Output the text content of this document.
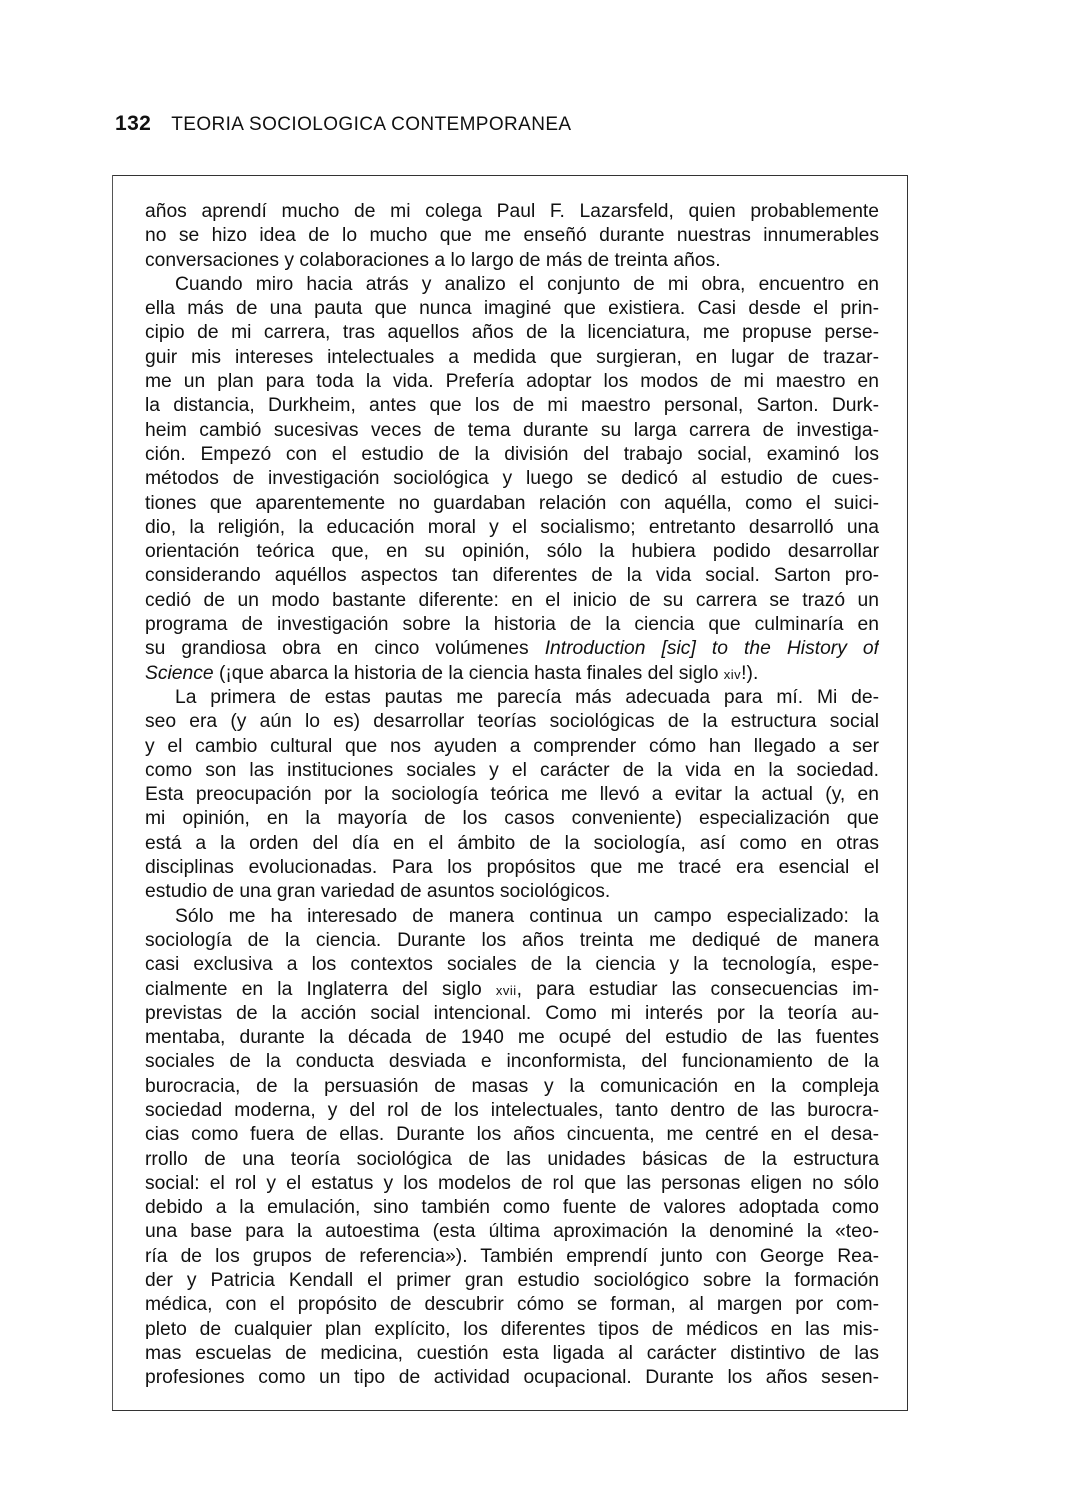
132 TEORIA SOCIOLOGICA CONTEMPORANEA
años aprendí mucho de mi colega Paul F. Lazarsfeld, quien probablemente
no se hizo idea de lo mucho que me enseñó durante nuestras innumerables
conversaciones y colaboraciones a lo largo de más de treinta años.
Cuando miro hacia atrás y analizo el conjunto de mi obra, encuentro en
ella más de una pauta que nunca imaginé que existiera. Casi desde el prin-
cipio de mi carrera, tras aquellos años de la licenciatura, me propuse perse-
guir mis intereses intelectuales a medida que surgieran, en lugar de trazar-
me un plan para toda la vida. Prefería adoptar los modos de mi maestro en
la distancia, Durkheim, antes que los de mi maestro personal, Sarton. Durk-
heim cambió sucesivas veces de tema durante su larga carrera de investiga-
ción. Empezó con el estudio de la división del trabajo social, examinó los
métodos de investigación sociológica y luego se dedicó al estudio de cues-
tiones que aparentemente no guardaban relación con aquélla, como el suici-
dio, la religión, la educación moral y el socialismo; entretanto desarrolló una
orientación teórica que, en su opinión, sólo la hubiera podido desarrollar
considerando aquéllos aspectos tan diferentes de la vida social. Sarton pro-
cedió de un modo bastante diferente: en el inicio de su carrera se trazó un
programa de investigación sobre la historia de la ciencia que culminaría en
su grandiosa obra en cinco volúmenes Introduction [sic] to the History of
Science (¡que abarca la historia de la ciencia hasta finales del siglo xiv!).
La primera de estas pautas me parecía más adecuada para mí. Mi de-
seo era (y aún lo es) desarrollar teorías sociológicas de la estructura social
y el cambio cultural que nos ayuden a comprender cómo han llegado a ser
como son las instituciones sociales y el carácter de la vida en la sociedad.
Esta preocupación por la sociología teórica me llevó a evitar la actual (y, en
mi opinión, en la mayoría de los casos conveniente) especialización que
está a la orden del día en el ámbito de la sociología, así como en otras
disciplinas evolucionadas. Para los propósitos que me tracé era esencial el
estudio de una gran variedad de asuntos sociológicos.
Sólo me ha interesado de manera continua un campo especializado: la
sociología de la ciencia. Durante los años treinta me dediqué de manera
casi exclusiva a los contextos sociales de la ciencia y la tecnología, espe-
cialmente en la Inglaterra del siglo xvii, para estudiar las consecuencias im-
previstas de la acción social intencional. Como mi interés por la teoría au-
mentaba, durante la década de 1940 me ocupé del estudio de las fuentes
sociales de la conducta desviada e inconformista, del funcionamiento de la
burocracia, de la persuasión de masas y la comunicación en la compleja
sociedad moderna, y del rol de los intelectuales, tanto dentro de las burocra-
cias como fuera de ellas. Durante los años cincuenta, me centré en el desa-
rrollo de una teoría sociológica de las unidades básicas de la estructura
social: el rol y el estatus y los modelos de rol que las personas eligen no sólo
debido a la emulación, sino también como fuente de valores adoptada como
una base para la autoestima (esta última aproximación la denominé la «teo-
ría de los grupos de referencia»). También emprendí junto con George Rea-
der y Patricia Kendall el primer gran estudio sociológico sobre la formación
médica, con el propósito de descubrir cómo se forman, al margen por com-
pleto de cualquier plan explícito, los diferentes tipos de médicos en las mis-
mas escuelas de medicina, cuestión esta ligada al carácter distintivo de las
profesiones como un tipo de actividad ocupacional. Durante los años sesen-
